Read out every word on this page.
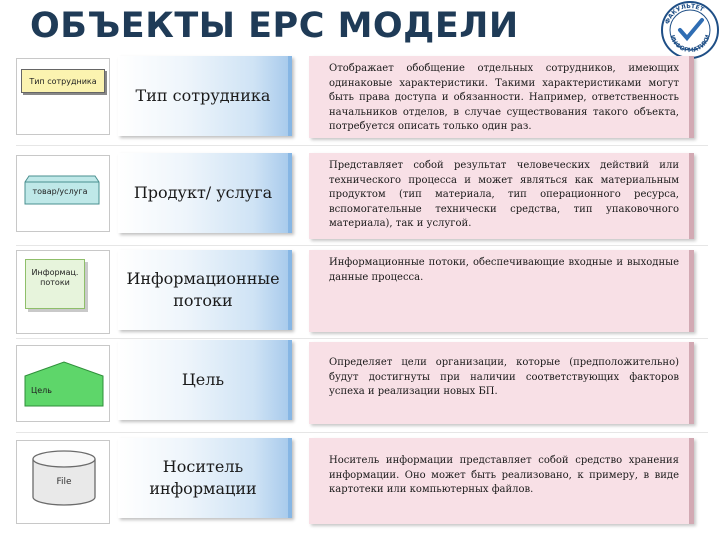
ОБЪЕКТЫ ЕРС МОДЕЛИ	ФАКУЛЬТЕТ
ИНФОРМАТИКИ
Тип сотрудника
Тип сотрудника
Отображает обобщение отдельных сотрудников, имеющих одинаковые характеристики. Такими характеристиками могут быть права доступа и обязанности. Например, ответственность начальников отделов, в случае существования такого объекта, потребуется описать только один раз.
товар/услуга	Продукт/ услуга
Представляет собой результат человеческих действий или технического процесса и может являться как материальным продуктом (тип материала, тип операционного ресурса, вспомогательные технически средства, тип упаковочного материала), так и услугой.
Информац. потоки	Информационные потоки
Информационные потоки, обеспечивающие входные и выходные данные процесса.
Цель
Цель
Определяет цели организации, которые (предположительно) будут достигнуты при наличии соответствующих факторов успеха и реализации новых БП.
File
Носитель информации
Носитель информации представляет собой средство хранения информации. Оно может быть реализовано, к примеру, в виде картотеки или компьютерных файлов.
